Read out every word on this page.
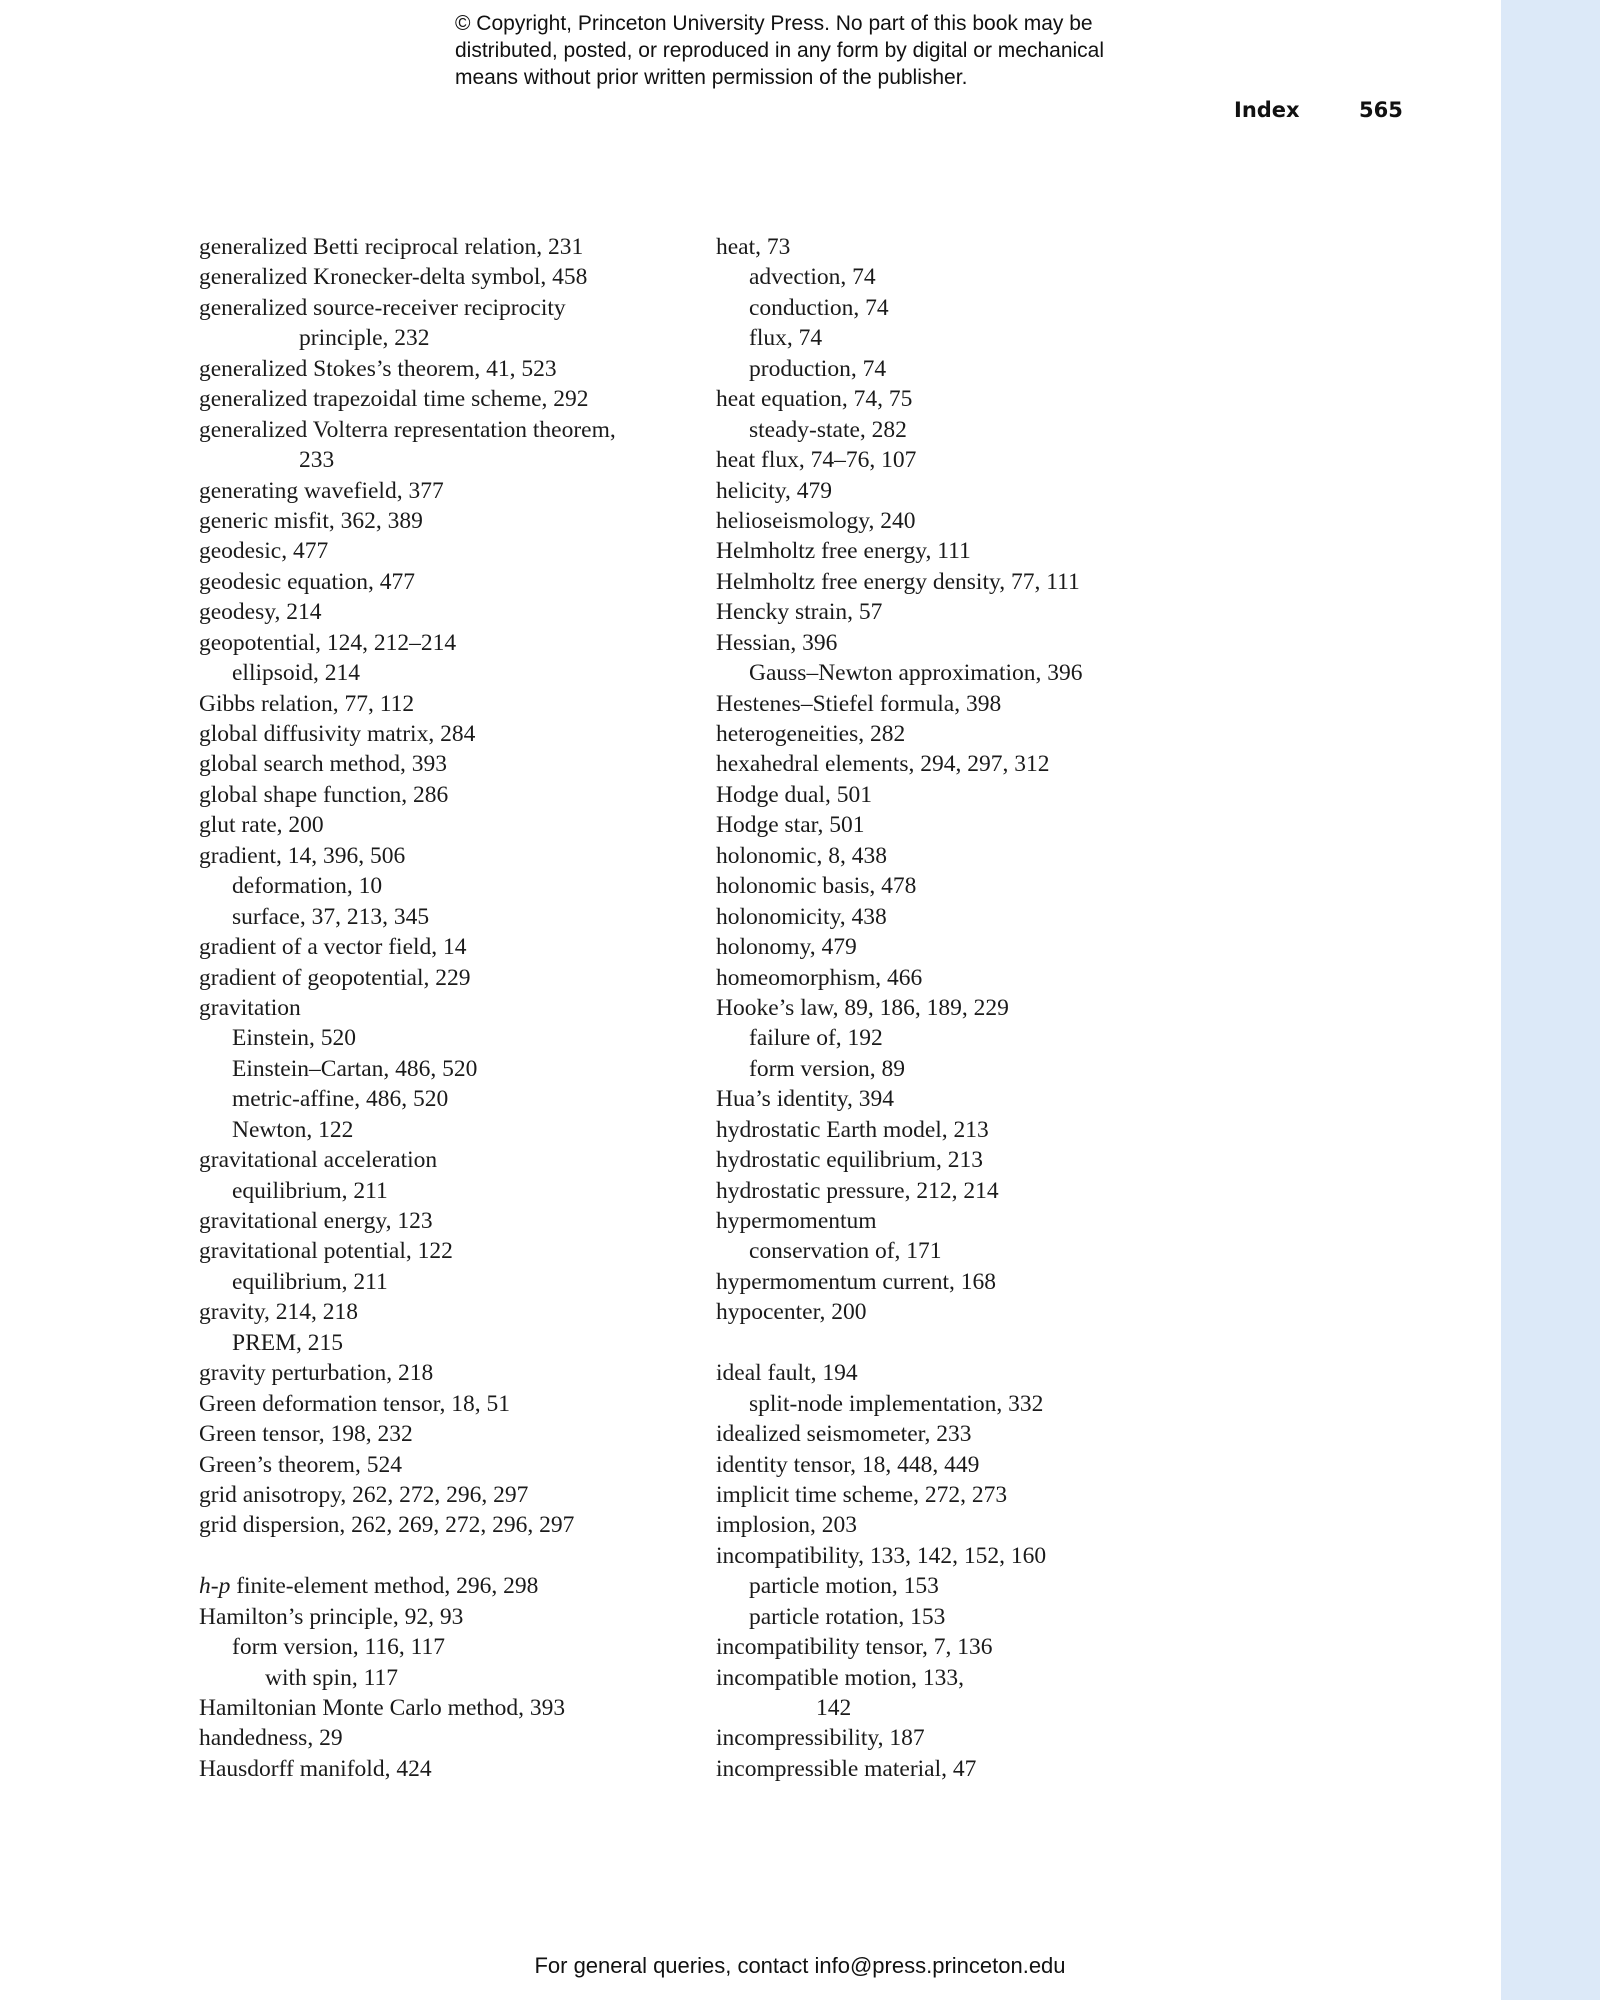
© Copyright, Princeton University Press. No part of this book may be
distributed, posted, or reproduced in any form by digital or mechanical
means without prior written permission of the publisher.
Index	565
generalized Betti reciprocal relation, 231
generalized Kronecker-delta symbol, 458
generalized source-receiver reciprocity
principle, 232
generalized Stokes’s theorem, 41, 523
generalized trapezoidal time scheme, 292
generalized Volterra representation theorem,
233
generating wavefield, 377
generic misfit, 362, 389
geodesic, 477
geodesic equation, 477
geodesy, 214
geopotential, 124, 212–214
ellipsoid, 214
Gibbs relation, 77, 112
global diffusivity matrix, 284
global search method, 393
global shape function, 286
glut rate, 200
gradient, 14, 396, 506
deformation, 10
surface, 37, 213, 345
gradient of a vector field, 14
gradient of geopotential, 229
gravitation
Einstein, 520
Einstein–Cartan, 486, 520
metric-affine, 486, 520
Newton, 122
gravitational acceleration
equilibrium, 211
gravitational energy, 123
gravitational potential, 122
equilibrium, 211
gravity, 214, 218
PREM, 215
gravity perturbation, 218
Green deformation tensor, 18, 51
Green tensor, 198, 232
Green’s theorem, 524
grid anisotropy, 262, 272, 296, 297
grid dispersion, 262, 269, 272, 296, 297
h-p finite-element method, 296, 298
Hamilton’s principle, 92, 93
form version, 116, 117
with spin, 117
Hamiltonian Monte Carlo method, 393
handedness, 29
Hausdorff manifold, 424
heat, 73
advection, 74
conduction, 74
flux, 74
production, 74
heat equation, 74, 75
steady-state, 282
heat flux, 74–76, 107
helicity, 479
helioseismology, 240
Helmholtz free energy, 111
Helmholtz free energy density, 77, 111
Hencky strain, 57
Hessian, 396
Gauss–Newton approximation, 396
Hestenes–Stiefel formula, 398
heterogeneities, 282
hexahedral elements, 294, 297, 312
Hodge dual, 501
Hodge star, 501
holonomic, 8, 438
holonomic basis, 478
holonomicity, 438
holonomy, 479
homeomorphism, 466
Hooke’s law, 89, 186, 189, 229
failure of, 192
form version, 89
Hua’s identity, 394
hydrostatic Earth model, 213
hydrostatic equilibrium, 213
hydrostatic pressure, 212, 214
hypermomentum
conservation of, 171
hypermomentum current, 168
hypocenter, 200
ideal fault, 194
split-node implementation, 332
idealized seismometer, 233
identity tensor, 18, 448, 449
implicit time scheme, 272, 273
implosion, 203
incompatibility, 133, 142, 152, 160
particle motion, 153
particle rotation, 153
incompatibility tensor, 7, 136
incompatible motion, 133,
142
incompressibility, 187
incompressible material, 47
For general queries, contact info@press.princeton.edu
